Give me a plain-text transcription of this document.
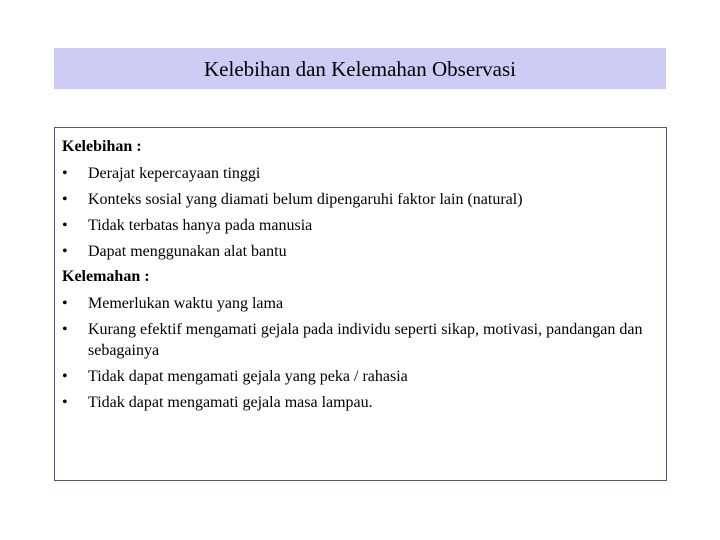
Kelebihan dan Kelemahan Observasi
Kelebihan :
•	Derajat kepercayaan tinggi
•	Konteks sosial yang diamati belum dipengaruhi faktor lain (natural)
•	Tidak terbatas hanya pada manusia
•	Dapat menggunakan alat bantu
Kelemahan :
•	Memerlukan waktu yang lama
•	Kurang efektif mengamati gejala pada individu seperti sikap, motivasi, pandangan dan sebagainya
•	Tidak dapat mengamati gejala yang peka / rahasia
•	Tidak dapat mengamati gejala masa lampau.
